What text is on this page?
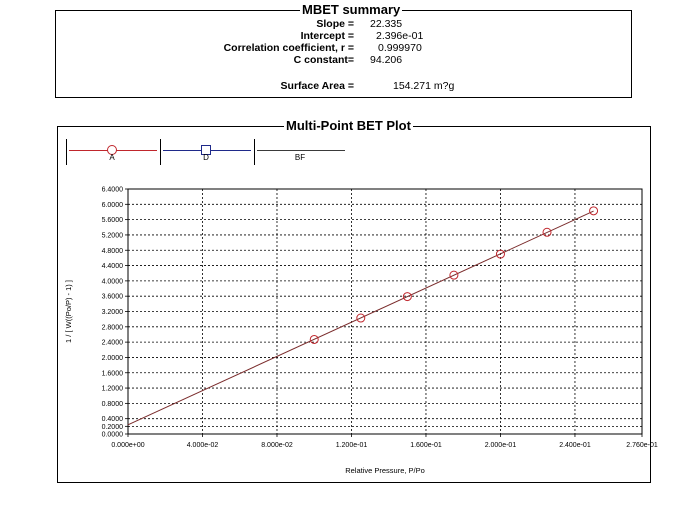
MBET summary
Slope = 22.335
Intercept = 2.396e-01
Correlation coefficient, r = 0.999970
C constant= 94.206
Surface Area =	154.271 m?g
Multi-Point BET Plot
A	D	BF
0.0000
0.2000
0.4000
0.8000
1.2000
1.6000
2.0000
2.4000
2.8000
3.2000
3.6000
4.0000
4.4000
4.8000
5.2000
5.6000
6.0000
6.4000
0.000e+00	4.000e-02	8.000e-02	1.200e-01	1.600e-01	2.000e-01	2.400e-01	2.760e-01
Relative Pressure, P/Po
1 / [ W((Po/P) - 1) ]
